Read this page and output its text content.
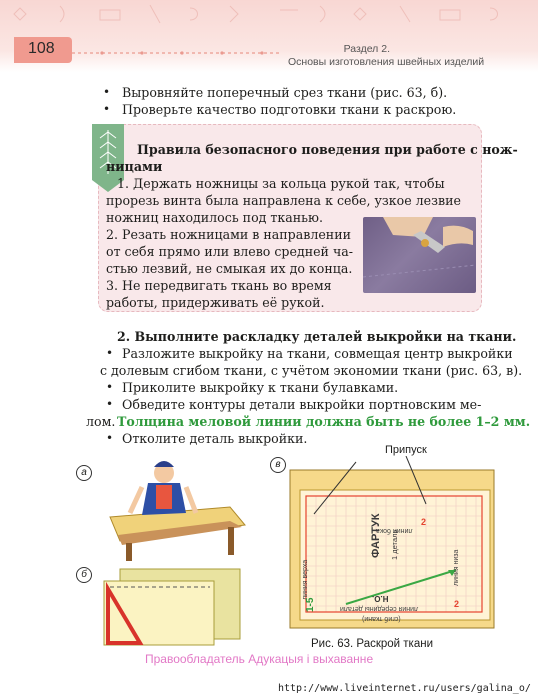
108	Раздел 2.
Основы изготовления швейных изделий
• Выровняйте поперечный срез ткани (рис. 63, б).
• Проверьте качество подготовки ткани к раскрою.
Правила безопасного поведения при работе с нож-
ницами
1. Держать ножницы за кольца рукой так, чтобы
прорезь винта была направлена к себе, узкое лезвие
ножниц находилось под тканью.
2. Резать ножницами в направлении
от себя прямо или влево средней ча-
стью лезвий, не смыкая их до конца.
3. Не передвигать ткань во время
работы, придерживать её рукой.
2. Выполните раскладку деталей выкройки на ткани.
• Разложите выкройку на ткани, совмещая центр выкройки
с долевым сгибом ткани, с учётом экономии ткани (рис. 63, в).
• Приколите выкройку к ткани булавками.
• Обведите контуры детали выкройки портновским ме-
лом. Толщина меловой линии должна быть не более 1–2 мм.
• Отколите деталь выкройки.
а
б
в
Припуск
линия верха	линия низа
линия бока
линия середины детали
(сгиб ткани)
ФАРТУК	1 деталь
1-5
2
2
Н.О.
Рис. 63. Раскрой ткани
Правообладатель Адукацыя і выхаванне
http://www.liveinternet.ru/users/galina_o/
